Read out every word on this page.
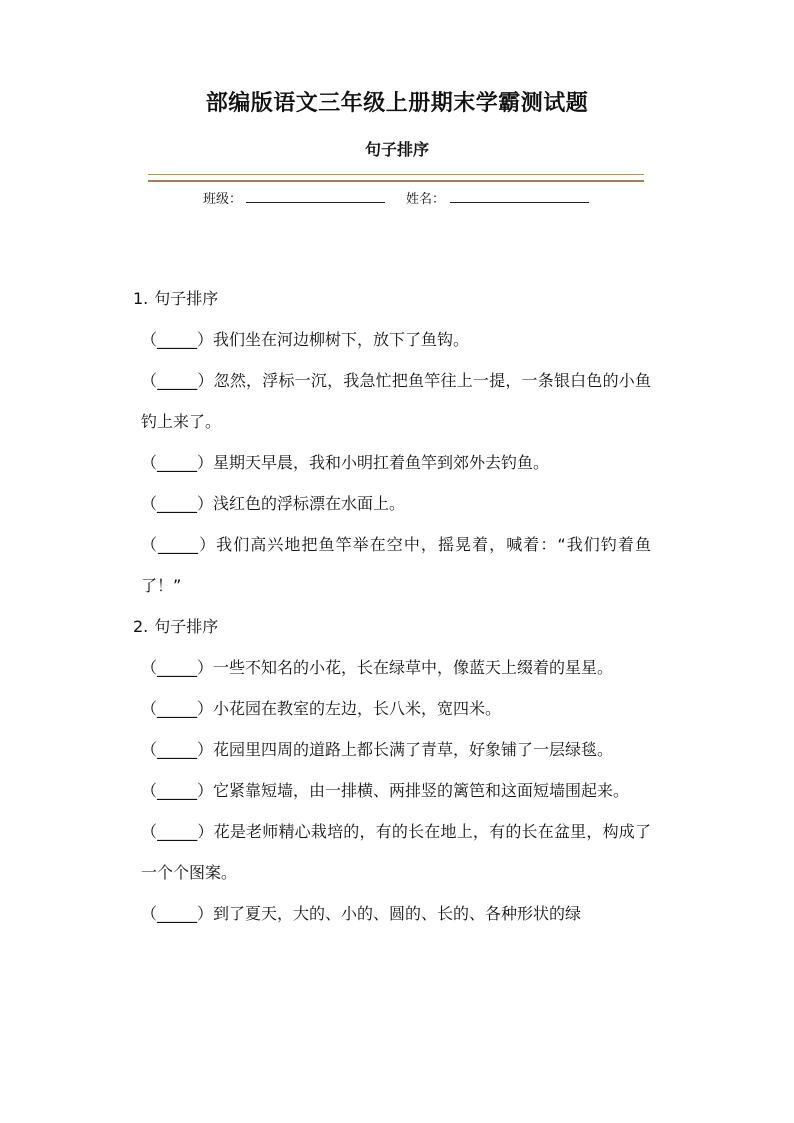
部编版语文三年级上册期末学霸测试题
句子排序
班级：	姓名：
1. 句子排序

（_____）我们坐在河边柳树下，放下了鱼钩。

（_____）忽然，浮标一沉，我急忙把鱼竿往上一提，一条银白色的小鱼钓上来了。

（_____）星期天早晨，我和小明扛着鱼竿到郊外去钓鱼。

（_____）浅红色的浮标漂在水面上。

（_____）我们高兴地把鱼竿举在空中，摇晃着，喊着：“我们钓着鱼了！”

2. 句子排序

（_____）一些不知名的小花，长在绿草中，像蓝天上缀着的星星。

（_____）小花园在教室的左边，长八米，宽四米。

（_____）花园里四周的道路上都长满了青草，好象铺了一层绿毯。

（_____）它紧靠短墙，由一排横、两排竖的篱笆和这面短墙围起来。

（_____）花是老师精心栽培的，有的长在地上，有的长在盆里，构成了一个个图案。

（_____）到了夏天，大的、小的、圆的、长的、各种形状的绿
